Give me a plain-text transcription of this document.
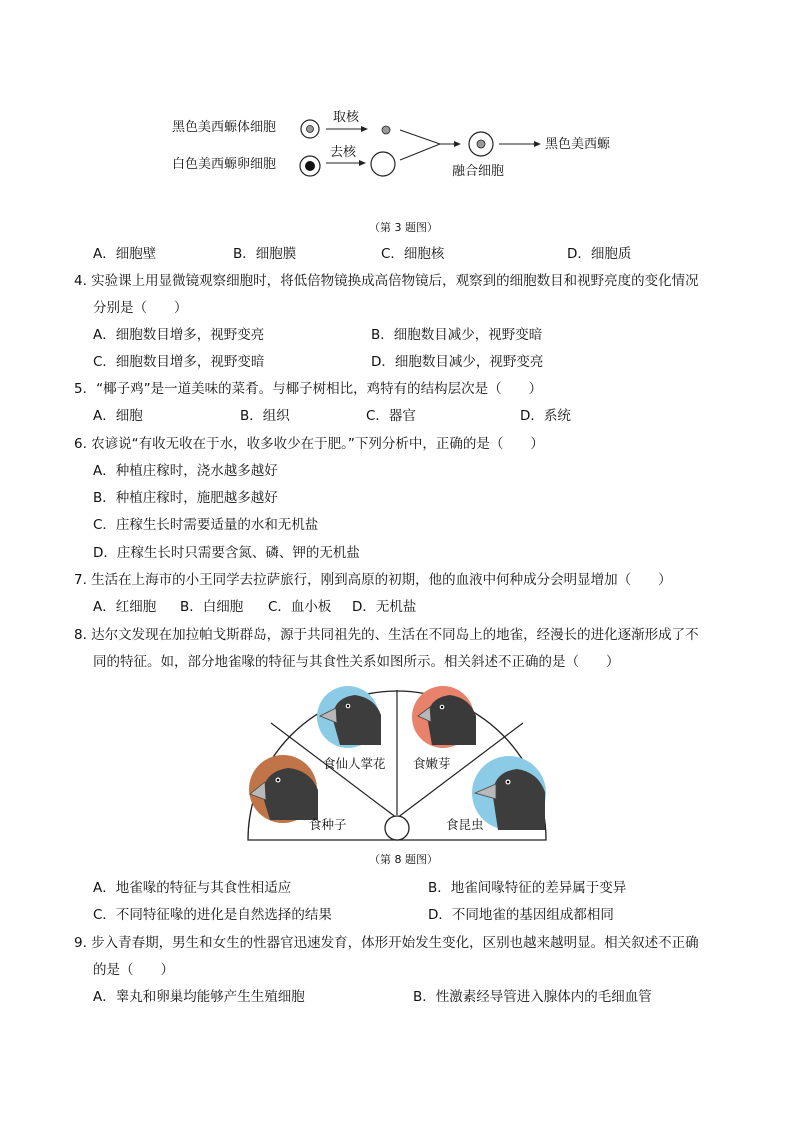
黑色美西螈体细胞
白色美西螈卵细胞
取核
去核
融合细胞
黑色美西螈
（第 3 题图）
A．细胞壁	B．细胞膜	C．细胞核	D．细胞质
4. 实验课上用显微镜观察细胞时，将低倍物镜换成高倍物镜后，观察到的细胞数目和视野亮度的变化情况
分别是（　　）
A．细胞数目增多，视野变亮	B．细胞数目减少，视野变暗
C．细胞数目增多，视野变暗	D．细胞数目减少，视野变亮
5．“椰子鸡”是一道美味的菜肴。与椰子树相比，鸡特有的结构层次是（　　）
A．细胞	B．组织	C．器官	D．系统
6. 农谚说“有收无收在于水，收多收少在于肥。”下列分析中，正确的是（　　）
A．种植庄稼时，浇水越多越好
B．种植庄稼时，施肥越多越好
C．庄稼生长时需要适量的水和无机盐
D．庄稼生长时只需要含氮、磷、钾的无机盐
7. 生活在上海市的小王同学去拉萨旅行，刚到高原的初期，他的血液中何种成分会明显增加（　　）
A．红细胞 B．白细胞 C．血小板 D．无机盐
8. 达尔文发现在加拉帕戈斯群岛，源于共同祖先的、生活在不同岛上的地雀，经漫长的进化逐渐形成了不
同的特征。如，部分地雀喙的特征与其食性关系如图所示。相关斜述不正确的是（　　）
食仙人掌花 食嫩芽
食种子	食昆虫
（第 8 题图）
A．地雀喙的特征与其食性相适应	B．地雀间喙特征的差异属于变异
C．不同特征喙的进化是自然选择的结果	D．不同地雀的基因组成都相同
9. 步入青春期，男生和女生的性器官迅速发育，体形开始发生变化，区别也越来越明显。相关叙述不正确
的是（　　）
A．睾丸和卵巢均能够产生生殖细胞	B．性激素经导管进入腺体内的毛细血管
